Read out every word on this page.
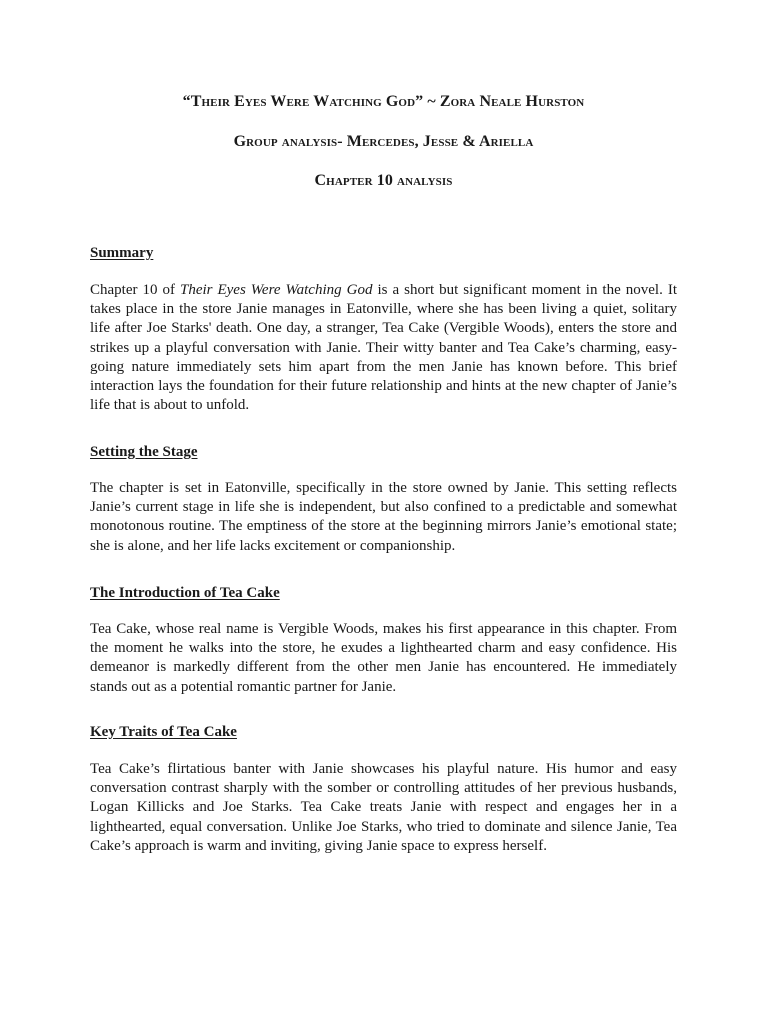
“Their Eyes Were Watching God” ~ Zora Neale Hurston
Group analysis- Mercedes, Jesse & Ariella
Chapter 10 analysis
Summary

Chapter 10 of Their Eyes Were Watching God is a short but significant moment in the novel. It takes place in the store Janie manages in Eatonville, where she has been living a quiet, solitary life after Joe Starks' death. One day, a stranger, Tea Cake (Vergible Woods), enters the store and strikes up a playful conversation with Janie. Their witty banter and Tea Cake’s charming, easy-going nature immediately sets him apart from the men Janie has known before. This brief interaction lays the foundation for their future relationship and hints at the new chapter of Janie’s life that is about to unfold.

Setting the Stage

The chapter is set in Eatonville, specifically in the store owned by Janie. This setting reflects Janie’s current stage in life she is independent, but also confined to a predictable and somewhat monotonous routine. The emptiness of the store at the beginning mirrors Janie’s emotional state; she is alone, and her life lacks excitement or companionship.

The Introduction of Tea Cake

Tea Cake, whose real name is Vergible Woods, makes his first appearance in this chapter. From the moment he walks into the store, he exudes a lighthearted charm and easy confidence. His demeanor is markedly different from the other men Janie has encountered. He immediately stands out as a potential romantic partner for Janie.

Key Traits of Tea Cake

Tea Cake’s flirtatious banter with Janie showcases his playful nature. His humor and easy conversation contrast sharply with the somber or controlling attitudes of her previous husbands, Logan Killicks and Joe Starks. Tea Cake treats Janie with respect and engages her in a lighthearted, equal conversation. Unlike Joe Starks, who tried to dominate and silence Janie, Tea Cake’s approach is warm and inviting, giving Janie space to express herself.
